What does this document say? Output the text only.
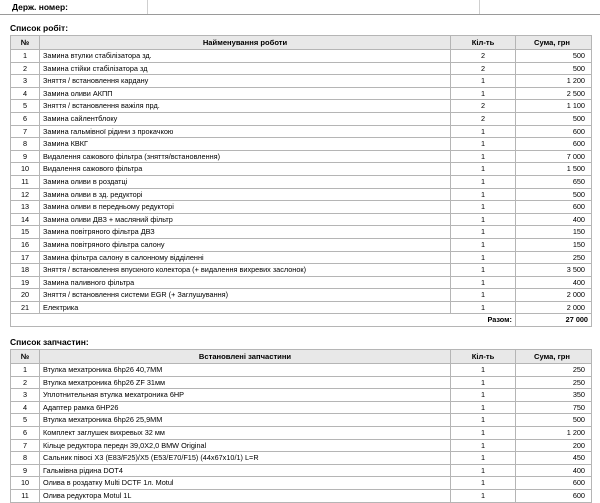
Держ. номер:
Список робіт:
№	Найменування роботи	Кіл-ть	Сума, грн
1	Замина втулки стабілізатора зд.	2	500
2	Замина стійки стабілізатора зд	2	500
3	Зняття / встановлення кардану	1	1 200
4	Замина оливи АКПП	1	2 500
5	Зняття / встановлення важіля прд.	2	1 100
6	Замина сайлентблоку	2	500
7	Замина гальмівної рідини з прокачкою	1	600
8	Замина КВКГ	1	600
9	Видалення сажового фільтра (зняття/встановлення)	1	7 000
10	Видалення сажового фільтра	1	1 500
11	Замина оливи в роздатці	1	650
12	Замина оливи в зд. редукторі	1	500
13	Замина оливи в передньому редукторі	1	600
14	Замина оливи ДВЗ + масляний фільтр	1	400
15	Замина повітряного фільтра ДВЗ	1	150
16	Замина повітряного фільтра салону	1	150
17	Замина фільтра салону в салонному відділенні	1	250
18	Зняття / встановлення впускного колектора (+ видалення вихревих заслонок)	1	3 500
19	Замина паливного фільтра	1	400
20	Зняття / встановлення системи EGR (+ Заглушування)	1	2 000
21	Електрика	1	2 000
Разом:			27 000
Список запчастин:
№	Встановлені запчастини	Кіл-ть	Сума, грн
1	Втулка мехатроника 6hp26 40,7ММ	1	250
2	Втулка мехатроника 6hp26 ZF 31мм	1	250
3	Уплотнительная втулка мехатроника 6HP	1	350
4	Адаптер рамка 6HP26	1	750
5	Втулка мехатроника 6hp26 25,9ММ	1	500
6	Комплект заглушек вихревых 32 мм	1	1 200
7	Кільце редуктора передн 39,0Х2,0 BMW Original	1	200
8	Сальник півосі X3 (E83/F25)/X5 (E53/E70/F15) (44x67x10/1) L=R	1	450
9	Гальмівна рідина DOT4	1	400
10	Олива в роздатку Multi DCTF 1л. Motul	1	600
11	Олива редуктора Motul 1L	1	600
